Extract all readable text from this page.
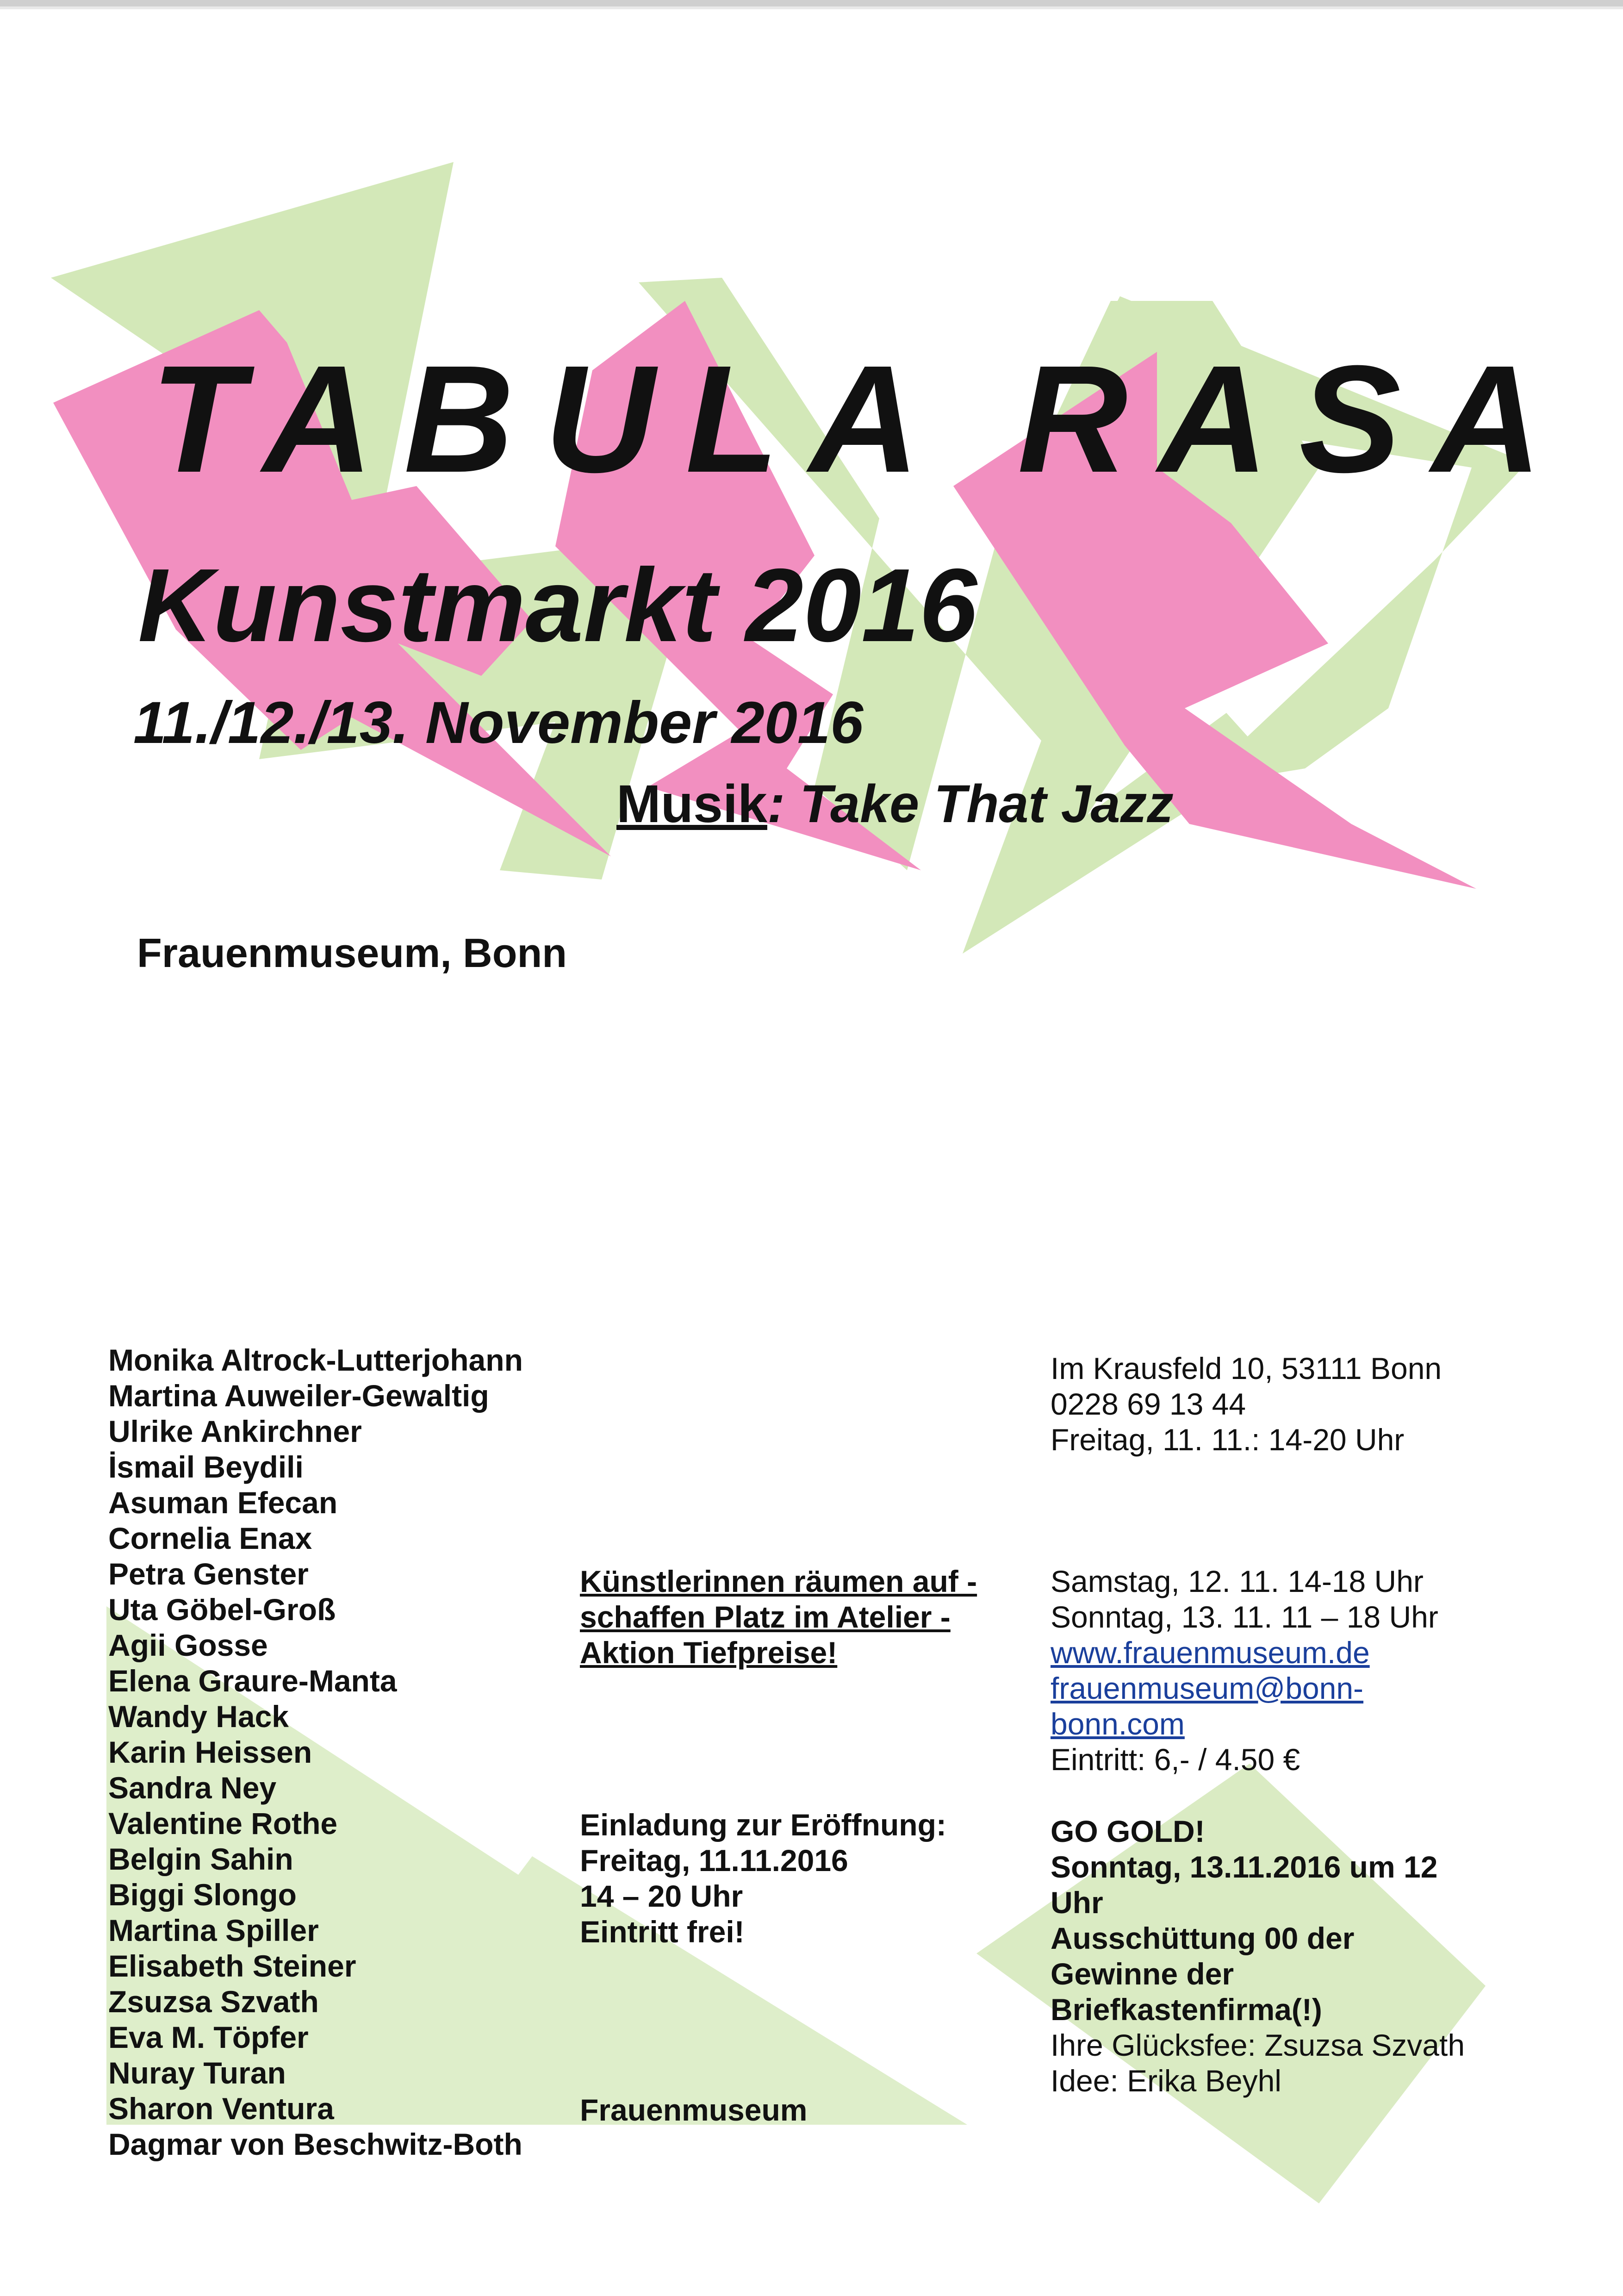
TABULA RASA
Kunstmarkt 2016
11./12./13. November 2016
Musik: Take That Jazz
Frauenmuseum, Bonn
Monika Altrock-Lutterjohann
Martina Auweiler-Gewaltig
Ulrike Ankirchner
İsmail Beydili
Asuman Efecan
Cornelia Enax
Petra Genster
Uta Göbel-Groß
Agii Gosse
Elena Graure-Manta
Wandy Hack
Karin Heissen
Sandra Ney
Valentine Rothe
Belgin Sahin
Biggi Slongo
Martina Spiller
Elisabeth Steiner
Zsuzsa Szvath
Eva M. Töpfer
Nuray Turan
Sharon Ventura
Dagmar von Beschwitz-Both
Künstlerinnen räumen auf -
schaffen Platz im Atelier -
Aktion Tiefpreise!
Einladung zur Eröffnung:
Freitag, 11.11.2016
14 – 20 Uhr
Eintritt frei!
Frauenmuseum
Im Krausfeld 10, 53111 Bonn
0228 69 13 44
Freitag, 11. 11.: 14-20 Uhr
Samstag, 12. 11. 14-18 Uhr
Sonntag, 13. 11. 11 – 18 Uhr
www.frauenmuseum.de
frauenmuseum@bonn-
bonn.com
Eintritt: 6,- / 4.50 €
GO GOLD!
Sonntag, 13.11.2016 um 12
Uhr
Ausschüttung 00 der
Gewinne der
Briefkastenfirma(!)
Ihre Glücksfee: Zsuzsa Szvath
Idee: Erika Beyhl
